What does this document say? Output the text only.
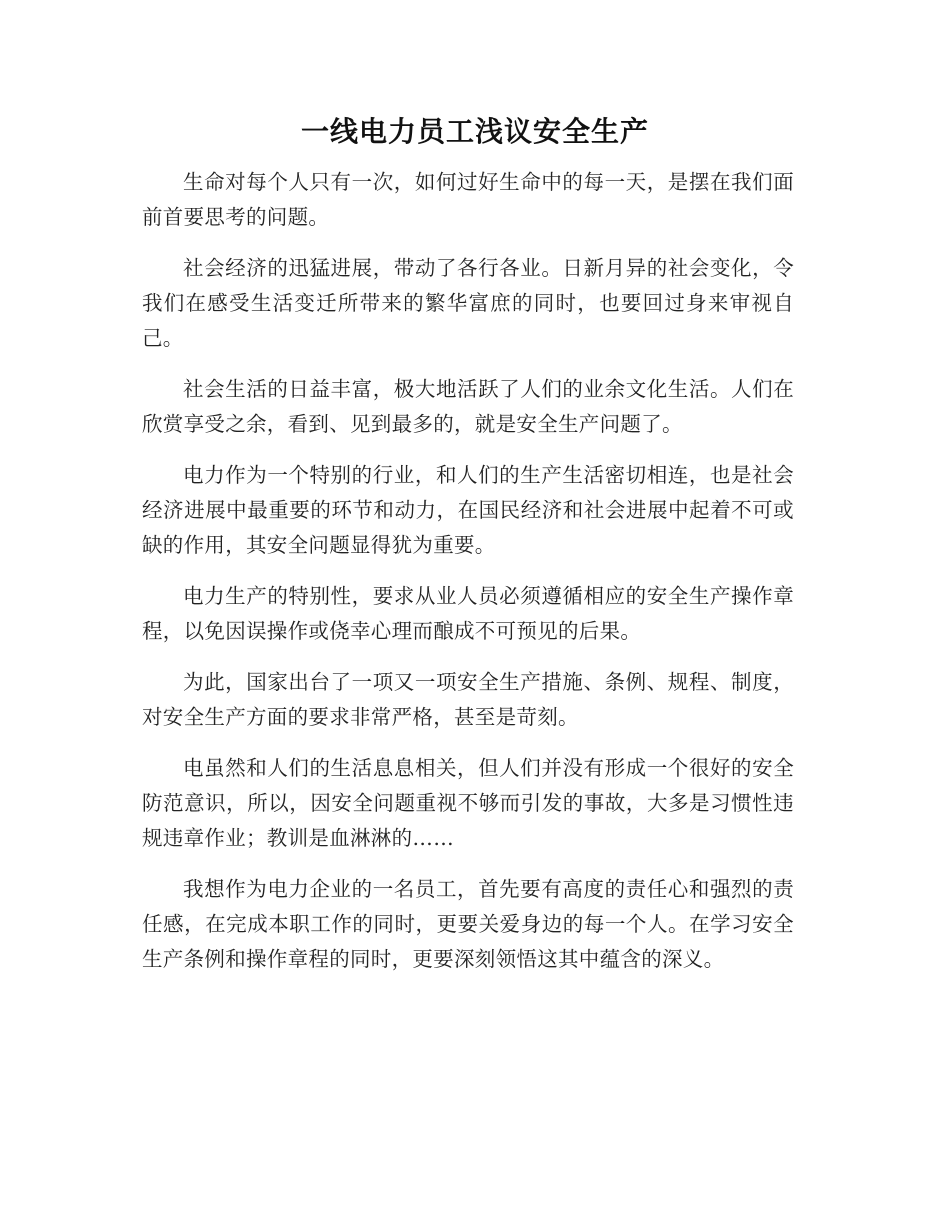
一线电力员工浅议安全生产

生命对每个人只有一次，如何过好生命中的每一天，是摆在我们面前首要思考的问题。

社会经济的迅猛进展，带动了各行各业。日新月异的社会变化，令我们在感受生活变迁所带来的繁华富庶的同时，也要回过身来审视自己。

社会生活的日益丰富，极大地活跃了人们的业余文化生活。人们在欣赏享受之余，看到、见到最多的，就是安全生产问题了。

电力作为一个特别的行业，和人们的生产生活密切相连，也是社会经济进展中最重要的环节和动力，在国民经济和社会进展中起着不可或缺的作用，其安全问题显得犹为重要。

电力生产的特别性，要求从业人员必须遵循相应的安全生产操作章程，以免因误操作或侥幸心理而酿成不可预见的后果。

为此，国家出台了一项又一项安全生产措施、条例、规程、制度，对安全生产方面的要求非常严格，甚至是苛刻。

电虽然和人们的生活息息相关，但人们并没有形成一个很好的安全防范意识，所以，因安全问题重视不够而引发的事故，大多是习惯性违规违章作业；教训是血淋淋的……

我想作为电力企业的一名员工，首先要有高度的责任心和强烈的责任感，在完成本职工作的同时，更要关爱身边的每一个人。在学习安全生产条例和操作章程的同时，更要深刻领悟这其中蕴含的深义。
